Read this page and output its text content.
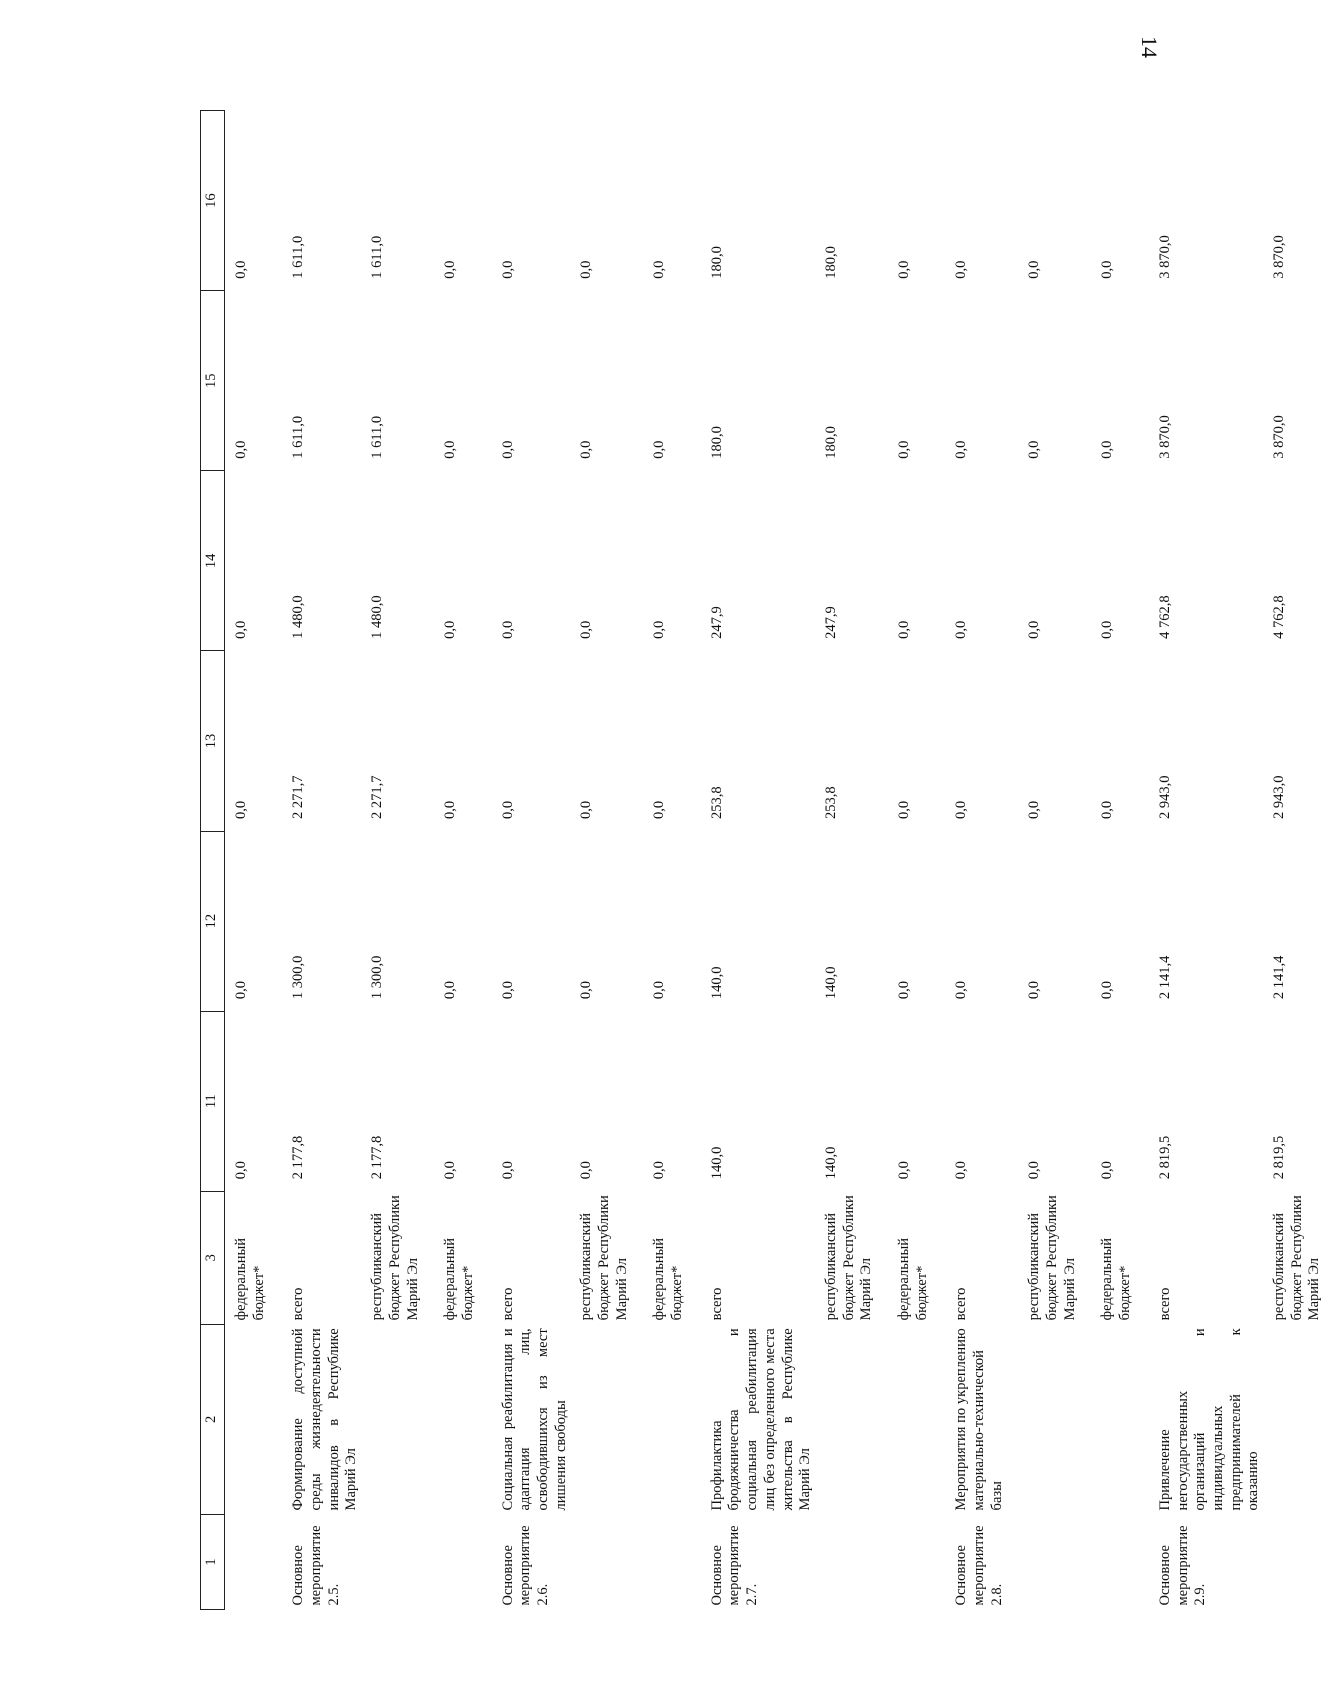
14
1	2	3	11	12	13	14	15	16
		федеральный бюджет*	0,0	0,0	0,0	0,0	0,0	0,0
Основное мероприятие 2.5.	Формирование доступной среды жизнедеятельности инвалидов в Республике Марий Эл	всего	2 177,8	1 300,0	2 271,7	1 480,0	1 611,0	1 611,0
		республиканский бюджет Республики Марий Эл	2 177,8	1 300,0	2 271,7	1 480,0	1 611,0	1 611,0
		федеральный бюджет*	0,0	0,0	0,0	0,0	0,0	0,0
Основное мероприятие 2.6.	Социальная реабилитация и адаптация лиц, освободившихся из мест лишения свободы	всего	0,0	0,0	0,0	0,0	0,0	0,0
		республиканский бюджет Республики Марий Эл	0,0	0,0	0,0	0,0	0,0	0,0
		федеральный бюджет*	0,0	0,0	0,0	0,0	0,0	0,0
Основное мероприятие 2.7.	Профилактика бродяжничества и социальная реабилитация лиц без определенного места жительства в Республике Марий Эл	всего	140,0	140,0	253,8	247,9	180,0	180,0
		республиканский бюджет Республики Марий Эл	140,0	140,0	253,8	247,9	180,0	180,0
		федеральный бюджет*	0,0	0,0	0,0	0,0	0,0	0,0
Основное мероприятие 2.8.	Мероприятия по укреплению материально-технической базы	всего	0,0	0,0	0,0	0,0	0,0	0,0
		республиканский бюджет Республики Марий Эл	0,0	0,0	0,0	0,0	0,0	0,0
		федеральный бюджет*	0,0	0,0	0,0	0,0	0,0	0,0
Основное мероприятие 2.9.	Привлечение негосударственных организаций и индивидуальных предпринимателей к оказанию	всего	2 819,5	2 141,4	2 943,0	4 762,8	3 870,0	3 870,0
		республиканский бюджет Республики Марий Эл	2 819,5	2 141,4	2 943,0	4 762,8	3 870,0	3 870,0
